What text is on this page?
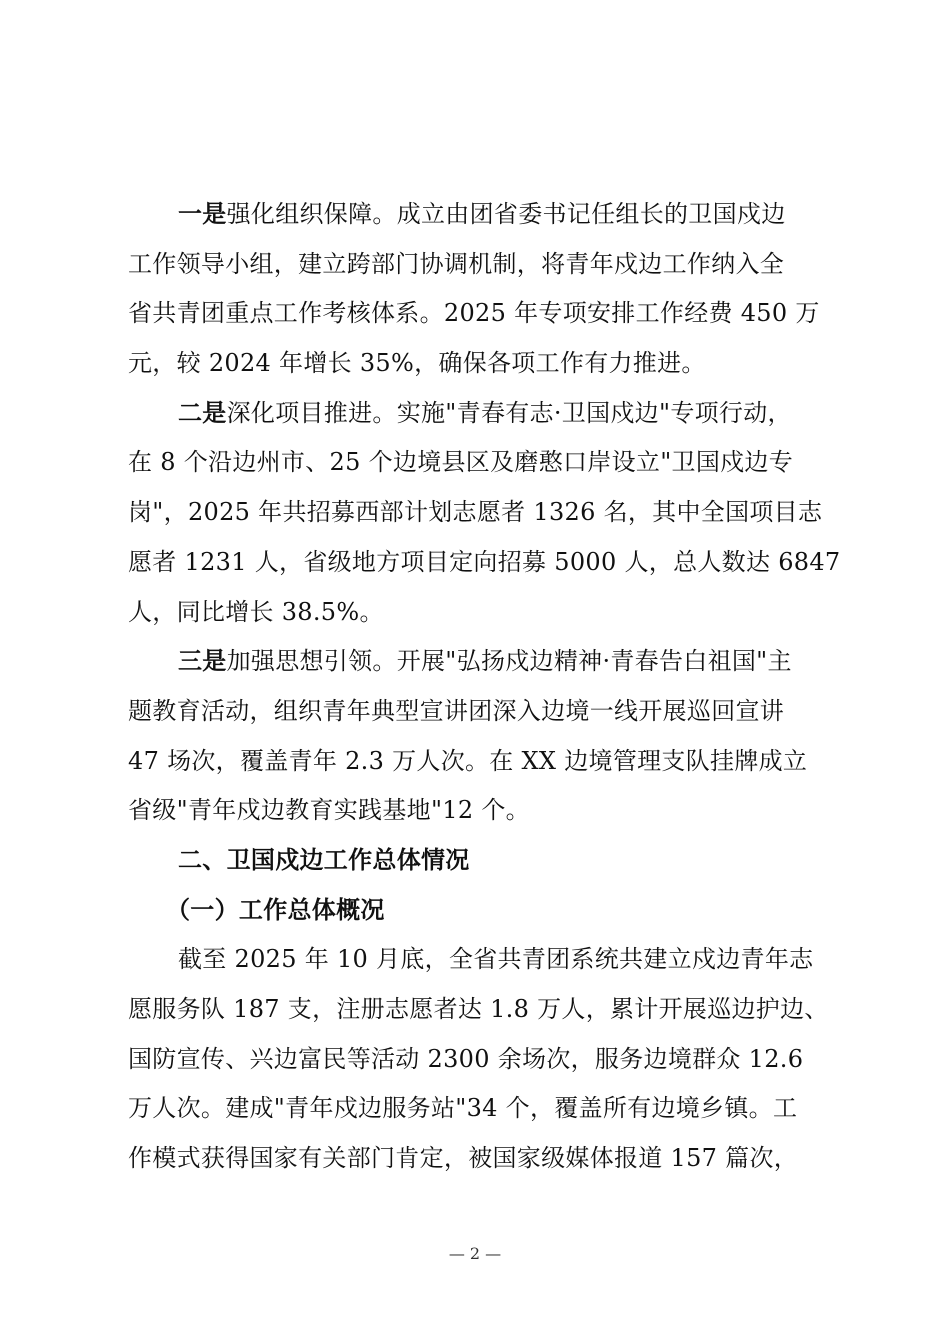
一是强化组织保障。成立由团省委书记任组长的卫国戍边
工作领导小组，建立跨部门协调机制，将青年戍边工作纳入全
省共青团重点工作考核体系。2025 年专项安排工作经费 450 万
元，较 2024 年增长 35%，确保各项工作有力推进。
二是深化项目推进。实施"青春有志·卫国戍边"专项行动，
在 8 个沿边州市、25 个边境县区及磨憨口岸设立"卫国戍边专
岗"，2025 年共招募西部计划志愿者 1326 名，其中全国项目志
愿者 1231 人，省级地方项目定向招募 5000 人，总人数达 6847
人，同比增长 38.5%。
三是加强思想引领。开展"弘扬戍边精神·青春告白祖国"主
题教育活动，组织青年典型宣讲团深入边境一线开展巡回宣讲
47 场次，覆盖青年 2.3 万人次。在 XX 边境管理支队挂牌成立
省级"青年戍边教育实践基地"12 个。
二、卫国戍边工作总体情况
（一）工作总体概况
截至 2025 年 10 月底，全省共青团系统共建立戍边青年志
愿服务队 187 支，注册志愿者达 1.8 万人，累计开展巡边护边、
国防宣传、兴边富民等活动 2300 余场次，服务边境群众 12.6
万人次。建成"青年戍边服务站"34 个，覆盖所有边境乡镇。工
作模式获得国家有关部门肯定，被国家级媒体报道 157 篇次，
— 2 —
